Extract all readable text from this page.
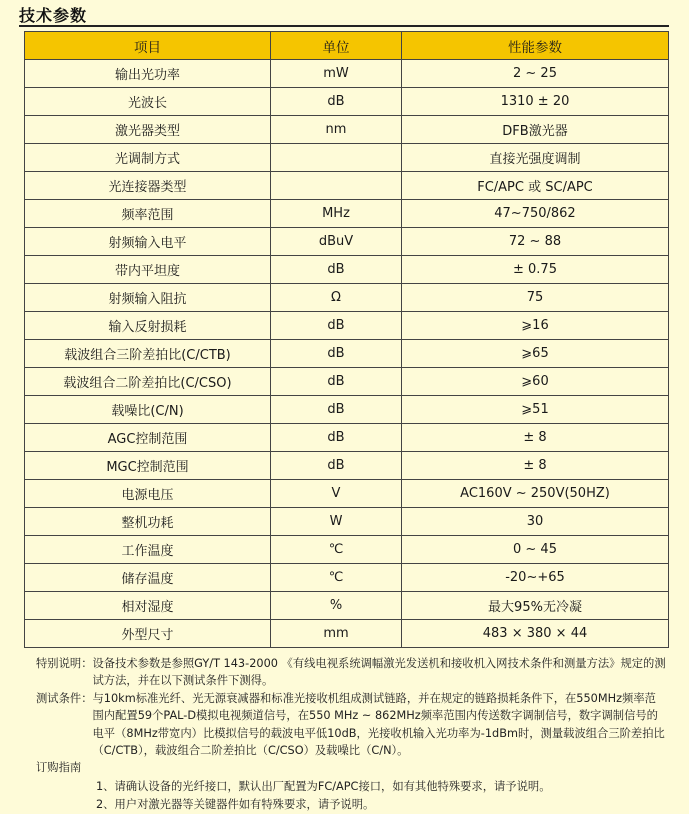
技术参数
项目	单位	性能参数
输出光功率	mW	2 ~ 25
光波长	dB	1310 ± 20
激光器类型	nm	DFB激光器
光调制方式		直接光强度调制
光连接器类型		FC/APC 或 SC/APC
频率范围	MHz	47~750/862
射频输入电平	dBuV	72 ~ 88
带内平坦度	dB	± 0.75
射频输入阻抗	Ω	75
输入反射损耗	dB	⩾16
载波组合三阶差拍比(C/CTB)	dB	⩾65
载波组合二阶差拍比(C/CSO)	dB	⩾60
载噪比(C/N)	dB	⩾51
AGC控制范围	dB	± 8
MGC控制范围	dB	± 8
电源电压	V	AC160V ~ 250V(50HZ)
整机功耗	W	30
工作温度	℃	0 ~ 45
储存温度	℃	-20~+65
相对湿度	%	最大95%无冷凝
外型尺寸	mm	483 × 380 × 44
特别说明： 设备技术参数是参照GY/T 143-2000 《有线电视系统调幅激光发送机和接收机入网技术条件和测量方法》规定的测试方法，并在以下测试条件下测得。
测试条件： 与10km标准光纤、光无源衰减器和标准光接收机组成测试链路，并在规定的链路损耗条件下，在550MHz频率范围内配置59个PAL-D模拟电视频道信号，在550 MHz ~ 862MHz频率范围内传送数字调制信号，数字调制信号的电平（8MHz带宽内）比模拟信号的载波电平低10dB，光接收机输入光功率为-1dBm时，测量载波组合三阶差拍比（C/CTB），载波组合二阶差拍比（C/CSO）及载噪比（C/N）。
订购指南
1、请确认设备的光纤接口，默认出厂配置为FC/APC接口，如有其他特殊要求，请予说明。
2、用户对激光器等关键器件如有特殊要求，请予说明。
